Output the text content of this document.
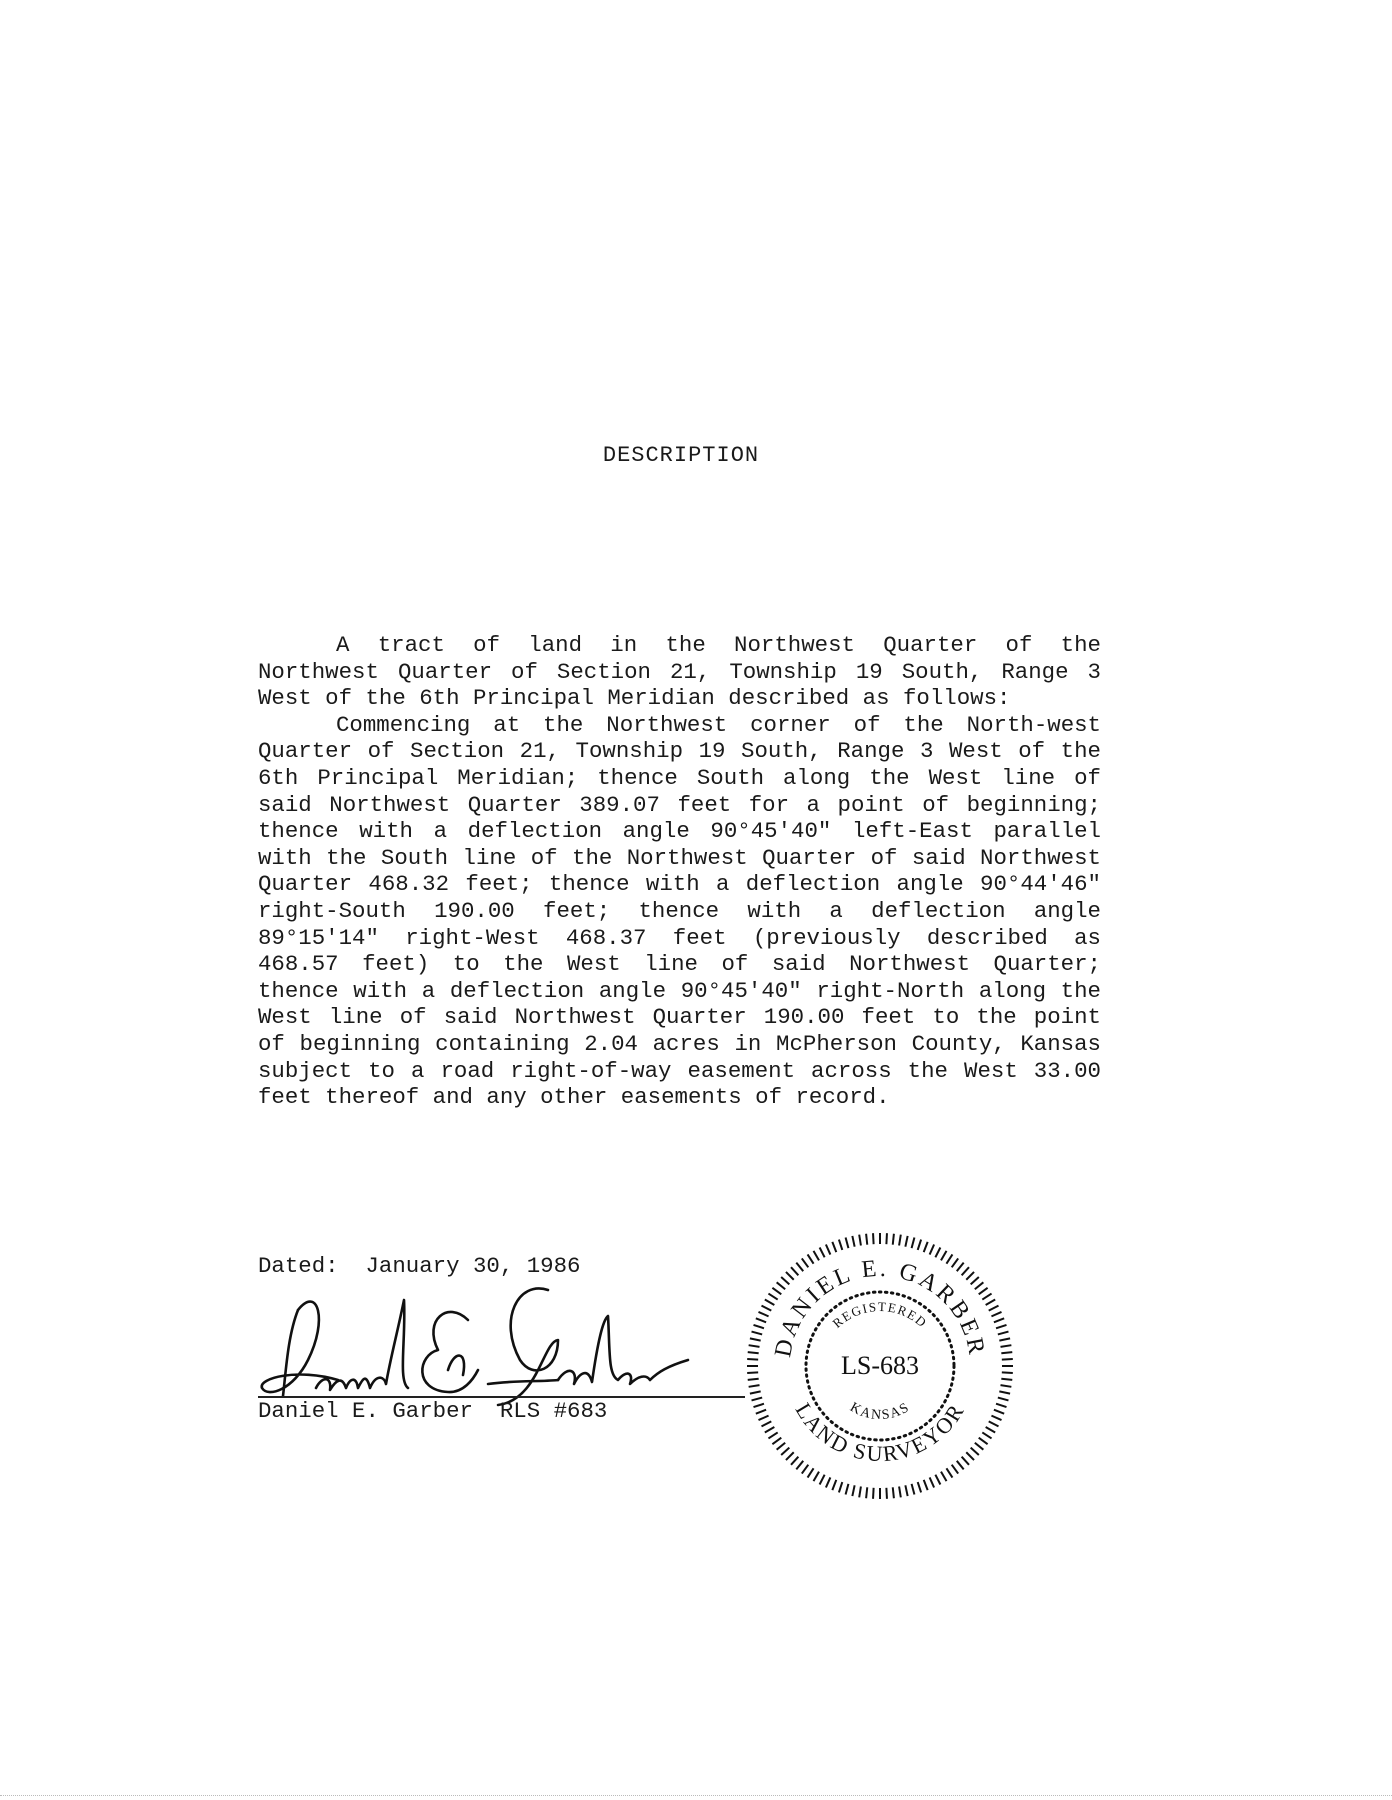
DESCRIPTION

A tract of land in the Northwest Quarter of the Northwest Quarter of Section 21, Township 19 South, Range 3 West of the 6th Principal Meridian described as follows:

Commencing at the Northwest corner of the North-west Quarter of Section 21, Township 19 South, Range 3 West of the 6th Principal Meridian; thence South along the West line of said Northwest Quarter 389.07 feet for a point of beginning; thence with a deflection angle 90°45'40" left-East parallel with the South line of the Northwest Quarter of said Northwest Quarter 468.32 feet; thence with a deflection angle 90°44'46" right-South 190.00 feet; thence with a deflection angle 89°15'14" right-West 468.37 feet (previously described as 468.57 feet) to the West line of said Northwest Quarter; thence with a deflection angle 90°45'40" right-North along the West line of said Northwest Quarter 190.00 feet to the point of beginning containing 2.04 acres in McPherson County, Kansas subject to a road right-of-way easement across the West 33.00 feet thereof and any other easements of record.

Dated:  January 30, 1986
Daniel E. Garber  RLS #683
DANIEL E. GARBER
LAND SURVEYOR
REGISTERED
KANSAS
LS-683
